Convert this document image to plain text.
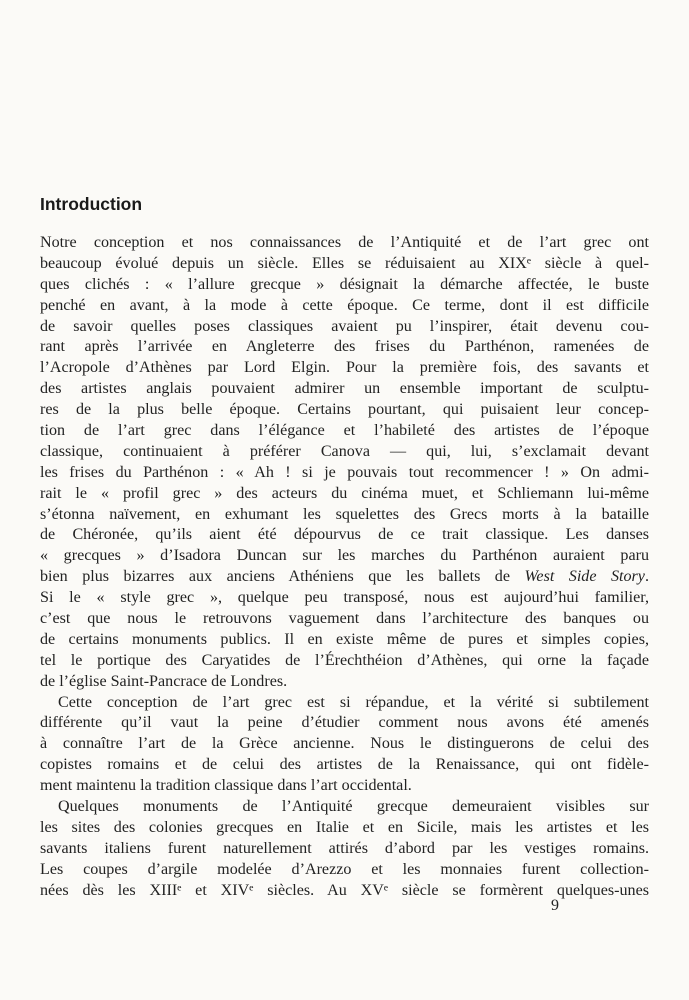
Introduction
Notre conception et nos connaissances de l’Antiquité et de l’art grec ont
beaucoup évolué depuis un siècle. Elles se réduisaient au XIXᵉ siècle à quel-
ques clichés : « l’allure grecque » désignait la démarche affectée, le buste
penché en avant, à la mode à cette époque. Ce terme, dont il est difficile
de savoir quelles poses classiques avaient pu l’inspirer, était devenu cou-
rant après l’arrivée en Angleterre des frises du Parthénon, ramenées de
l’Acropole d’Athènes par Lord Elgin. Pour la première fois, des savants et
des artistes anglais pouvaient admirer un ensemble important de sculptu-
res de la plus belle époque. Certains pourtant, qui puisaient leur concep-
tion de l’art grec dans l’élégance et l’habileté des artistes de l’époque
classique, continuaient à préférer Canova — qui, lui, s’exclamait devant
les frises du Parthénon : « Ah ! si je pouvais tout recommencer ! » On admi-
rait le « profil grec » des acteurs du cinéma muet, et Schliemann lui-même
s’étonna naïvement, en exhumant les squelettes des Grecs morts à la bataille
de Chéronée, qu’ils aient été dépourvus de ce trait classique. Les danses
« grecques » d’Isadora Duncan sur les marches du Parthénon auraient paru
bien plus bizarres aux anciens Athéniens que les ballets de West Side Story.
Si le « style grec », quelque peu transposé, nous est aujourd’hui familier,
c’est que nous le retrouvons vaguement dans l’architecture des banques ou
de certains monuments publics. Il en existe même de pures et simples copies,
tel le portique des Caryatides de l’Érechthéion d’Athènes, qui orne la façade
de l’église Saint-Pancrace de Londres.
Cette conception de l’art grec est si répandue, et la vérité si subtilement
différente qu’il vaut la peine d’étudier comment nous avons été amenés
à connaître l’art de la Grèce ancienne. Nous le distinguerons de celui des
copistes romains et de celui des artistes de la Renaissance, qui ont fidèle-
ment maintenu la tradition classique dans l’art occidental.
Quelques monuments de l’Antiquité grecque demeuraient visibles sur
les sites des colonies grecques en Italie et en Sicile, mais les artistes et les
savants italiens furent naturellement attirés d’abord par les vestiges romains.
Les coupes d’argile modelée d’Arezzo et les monnaies furent collection-
nées dès les XIIIᵉ et XIVᵉ siècles. Au XVᵉ siècle se formèrent quelques-unes
9
